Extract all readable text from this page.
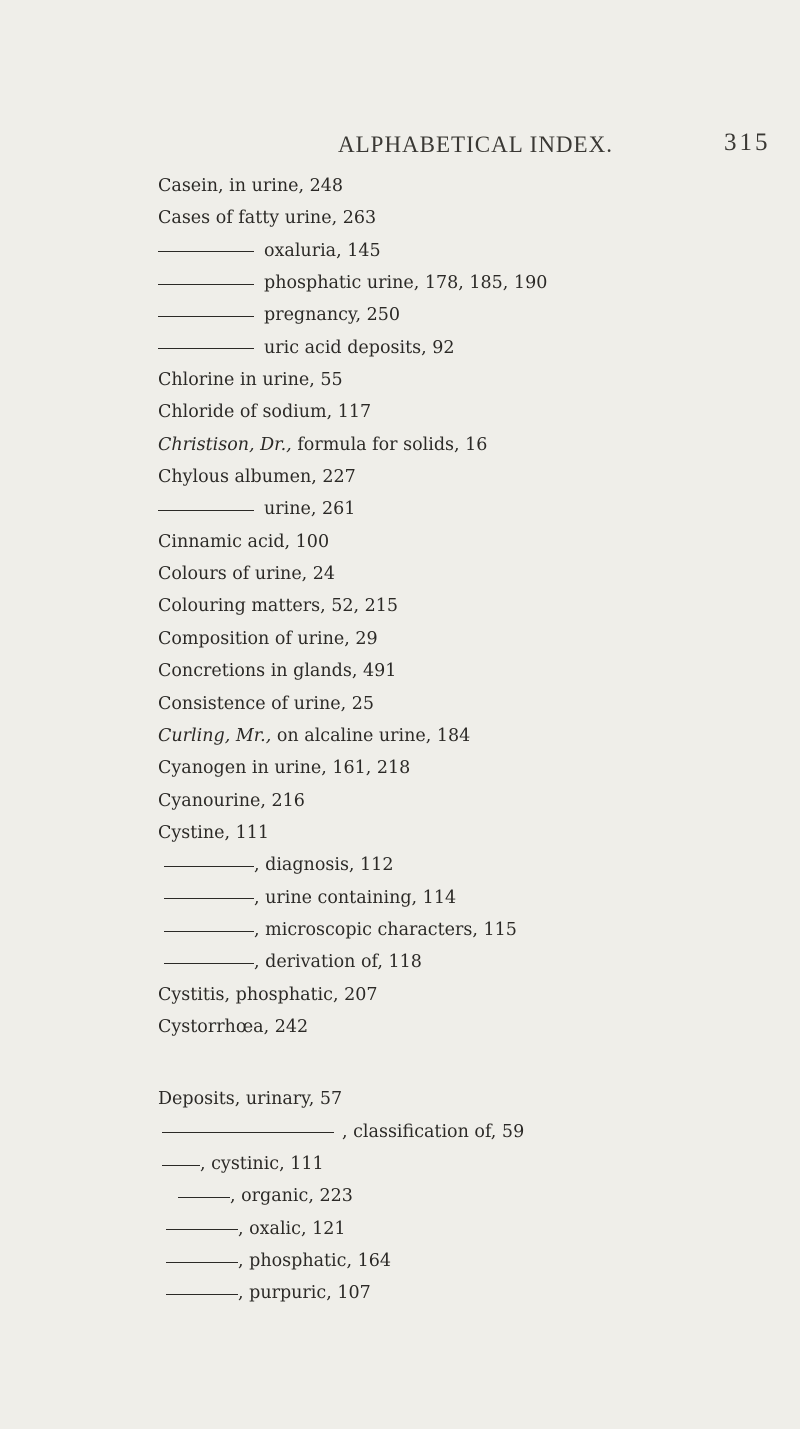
ALPHABETICAL INDEX.	315
Casein, in urine, 248
Cases of fatty urine, 263
oxaluria, 145
phosphatic urine, 178, 185, 190
pregnancy, 250
uric acid deposits, 92
Chlorine in urine, 55
Chloride of sodium, 117
Christison, Dr.,
formula for solids, 16
Chylous albumen, 227
urine, 261
Cinnamic acid, 100
Colours of urine, 24
Colouring matters, 52, 215
Composition of urine, 29
Concretions in glands, 491
Consistence of urine, 25
Curling, Mr.,
on alcaline urine, 184
Cyanogen in urine, 161, 218
Cyanourine, 216
Cystine, 111
, diagnosis, 112
, urine containing, 114
, microscopic characters, 115
, derivation of, 118
Cystitis, phosphatic, 207
Cystorrhœa, 242
Deposits, urinary, 57
, classification of, 59
, cystinic, 111
, organic, 223
, oxalic, 121
, phosphatic, 164
, purpuric, 107
